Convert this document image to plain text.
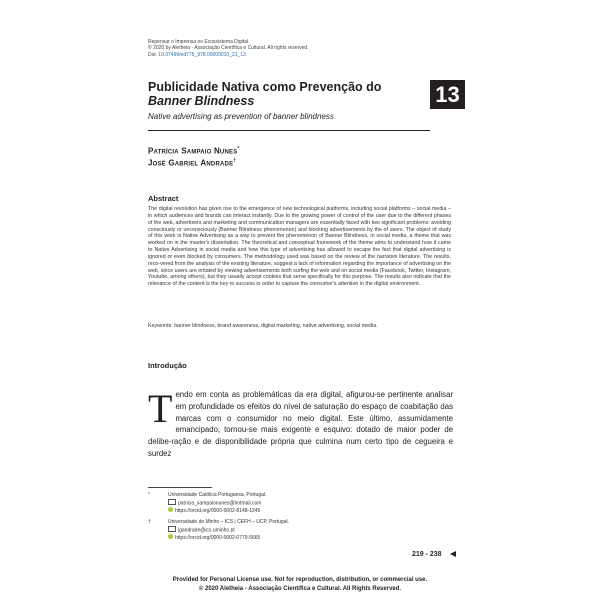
Repensar o Imprensa no Ecossistema Digital
© 2020 by Aletheia - Associação Científica e Cultural. All rights reserved.
Doi: 10.37499/ed775_978.00000010_21_13
Publicidade Nativa como Prevenção do
Banner Blindness
Native advertising as prevention of banner blindness
13
Patrícia Sampaio Nunes*
José Gabriel Andrade†
Abstract
The digital revolution has given rise to the emergence of new technological platforms, including social platforms – social media – in which audiences and brands can interact instantly. Due to the growing power of control of the user due to the different phases of the web, advertisers and marketing and communication managers are essentially faced with two significant problems: avoiding consciously or unconsciously (Banner Blindness phenomenon) and blocking advertisements by the of users. The object of study of this work is Native Advertising as a way to prevent the phenomenon of Banner Blindness, in social media, a theme that was worked on in the master's dissertation. The theoretical and conceptual framework of the theme aims to understand how it came to Native Advertising in social media and how this type of advertising has allowed to escape the fact that digital advertising is ignored or even blocked by consumers. The methodology used was based on the review of the narrative literature. The results, reco-vered from the analysis of the existing literature, suggest a lack of information regarding the importance of advertising on the web, since users are irritated by viewing advertisements both surfing the web and on social media (Facebook, Twitter, Instagram, Youtube, among others), but they usually accept cookies that serve specifically for this purpose. The results also indicate that the relevance of the content is the key to success in order to capture the consumer's attention in the digital environment.
Keywords: banner blindness, brand awareness, digital marketing, native advertising, social media.
Introdução
Tendo em conta as problemáticas da era digital, afigurou-se pertinente analisar em profundidade os efeitos do nível de saturação do espaço de coabitação das marcas com o consumidor no meio digital. Este último, assumidamente emancipado, tornou-se mais exigente e esquivo: dotado de maior poder de delibe-ração e de disponibilidade própria que culmina num certo tipo de cegueira e surdez
*	Universidade Católica Portuguesa, Portugal.
patricia_sampaionunes@hotmail.com
https://orcid.org/0000-0002-8148-1245
†	Universidade do Minho – ICS | CEFH – UCP, Portugal.
jgandrade@ics.uminho.pt
https://orcid.org/0000-0002-0779-5665
219 - 238
Provided for Personal License use. Not for reproduction, distribution, or commercial use.
© 2020 Aletheia - Associação Científica e Cultural. All Rights Reserved.
